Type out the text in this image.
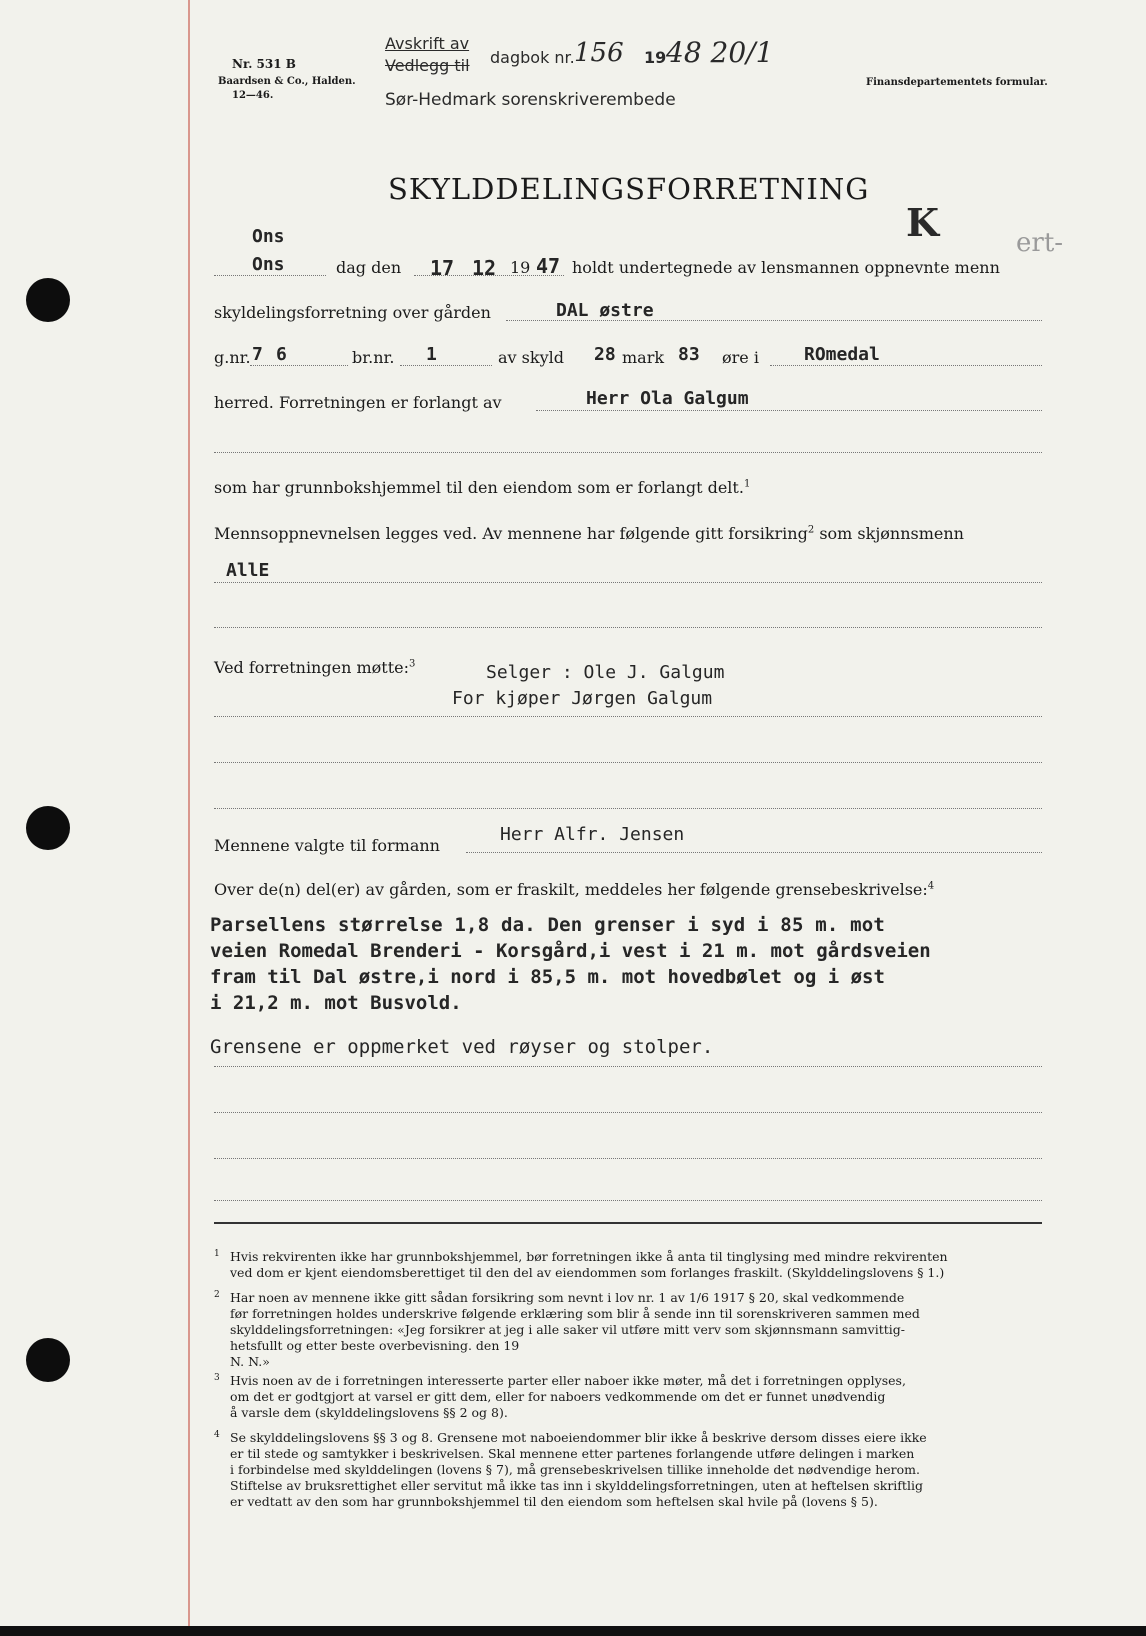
Nr. 531 B
Baardsen & Co., Halden.
12—46.
Avskrift av
Vedlegg til dagbok nr. 156 19 48 20/1
Sør-Hedmark sorenskriverembede
Finansdepartementets formular.
SKYLDDELINGSFORRETNING
K	ert-
Ons
Ons	dag den 17 12 19 47 holdt undertegnede av lensmannen oppnevnte menn
skyldelingsforretning over gården	DAL østre
g.nr. 7 6	br.nr. 1	av skyld 28 mark 83 øre i	ROmedal
herred. Forretningen er forlangt av	Herr Ola Galgum
som har grunnbokshjemmel til den eiendom som er forlangt delt.$^1$
Mennsoppnevnelsen legges ved. Av mennene har følgende gitt forsikring$^2$ som skjønnsmenn
AllE
Ved forretningen møtte:$^3$	Selger : Ole J. Galgum
For kjøper Jørgen Galgum
Mennene valgte til formann
Herr Alfr. Jensen
Over de(n) del(er) av gården, som er fraskilt, meddeles her følgende grensebeskrivelse:$^4$
Parsellens størrelse 1,8 da. Den grenser i syd i 85 m. mot
veien Romedal Brenderi - Korsgård,i vest i 21 m. mot gårdsveien
fram til Dal østre,i nord i 85,5 m. mot hovedbølet og i øst
i 21,2 m. mot Busvold.
Grensene er oppmerket ved røyser og stolper.
1 Hvis rekvirenten ikke har grunnbokshjemmel, bør forretningen ikke å anta til tinglysing med mindre rekvirenten
ved dom er kjent eiendomsberettiget til den del av eiendommen som forlanges fraskilt. (Skylddelingslovens § 1.)
2 Har noen av mennene ikke gitt sådan forsikring som nevnt i lov nr. 1 av 1/6 1917 § 20, skal vedkommende
før forretningen holdes underskrive følgende erklæring som blir å sende inn til sorenskriveren sammen med
skylddelingsforretningen: «Jeg forsikrer at jeg i alle saker vil utføre mitt verv som skjønnsmann samvittig-
hetsfullt og etter beste overbevisning. den 19
N. N.»
3 Hvis noen av de i forretningen interesserte parter eller naboer ikke møter, må det i forretningen opplyses,
om det er godtgjort at varsel er gitt dem, eller for naboers vedkommende om det er funnet unødvendig
å varsle dem (skylddelingslovens §§ 2 og 8).
4 Se skylddelingslovens §§ 3 og 8. Grensene mot naboeiendommer blir ikke å beskrive dersom disses eiere ikke
er til stede og samtykker i beskrivelsen. Skal mennene etter partenes forlangende utføre delingen i marken
i forbindelse med skylddelingen (lovens § 7), må grensebeskrivelsen tillike inneholde det nødvendige herom.
Stiftelse av bruksrettighet eller servitut må ikke tas inn i skylddelingsforretningen, uten at heftelsen skriftlig
er vedtatt av den som har grunnbokshjemmel til den eiendom som heftelsen skal hvile på (lovens § 5).
